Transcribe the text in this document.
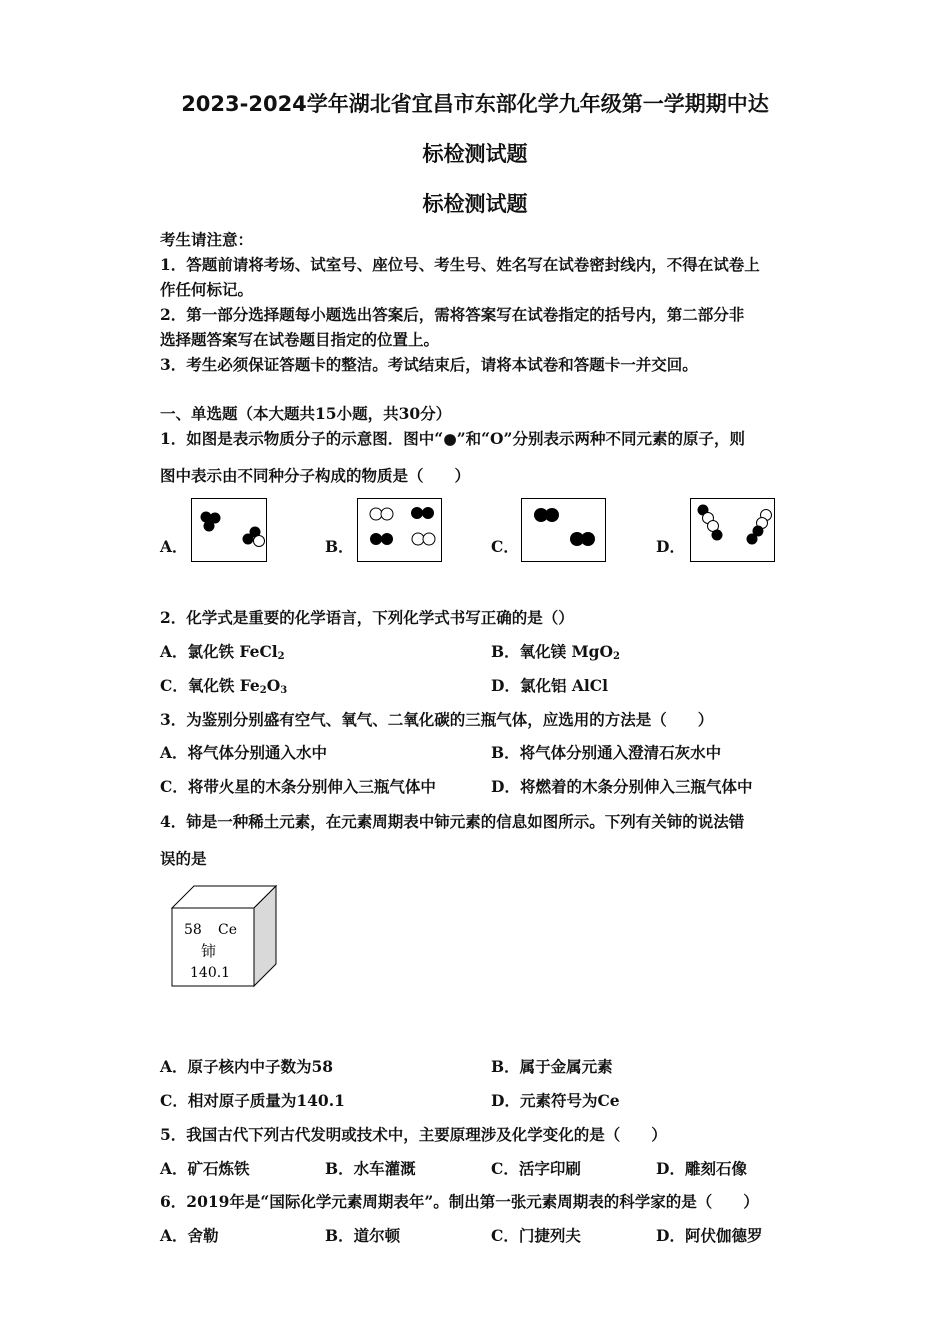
2023-2024学年湖北省宜昌市东部化学九年级第一学期期中达
标检测试题
标检测试题
考生请注意：
1．答题前请将考场、试室号、座位号、考生号、姓名写在试卷密封线内，不得在试卷上
作任何标记。
2．第一部分选择题每小题选出答案后，需将答案写在试卷指定的括号内，第二部分非
选择题答案写在试卷题目指定的位置上。
3．考生必须保证答题卡的整洁。考试结束后，请将本试卷和答题卡一并交回。
一、单选题（本大题共15小题，共30分）
1．如图是表示物质分子的示意图．图中“●”和“O”分别表示两种不同元素的原子，则
图中表示由不同种分子构成的物质是（　　）
A．	B．	C．	D．
2．化学式是重要的化学语言，下列化学式书写正确的是（）
A．氯化铁 FeCl$_2$	B．氧化镁 MgO$_2$
C．氧化铁 $Fe_2O_3$	D．氯化铝 AlCl
3．为鉴别分别盛有空气、氧气、二氧化碳的三瓶气体，应选用的方法是（　　）
A．将气体分别通入水中	B．将气体分别通入澄清石灰水中
C．将带火星的木条分别伸入三瓶气体中	D．将燃着的木条分别伸入三瓶气体中
4．铈是一种稀土元素，在元素周期表中铈元素的信息如图所示。下列有关铈的说法错
误的是
58 Ce
铈
140.1
A．原子核内中子数为58	B．属于金属元素
C．相对原子质量为140.1	D．元素符号为Ce
5．我国古代下列古代发明或技术中，主要原理涉及化学变化的是（　　）
A．矿石炼铁	B．水车灌溉	C．活字印刷	D．雕刻石像
6．2019年是“国际化学元素周期表年”。制出第一张元素周期表的科学家的是（　　）
A．舍勒	B．道尔顿	C．门捷列夫	D．阿伏伽德罗
